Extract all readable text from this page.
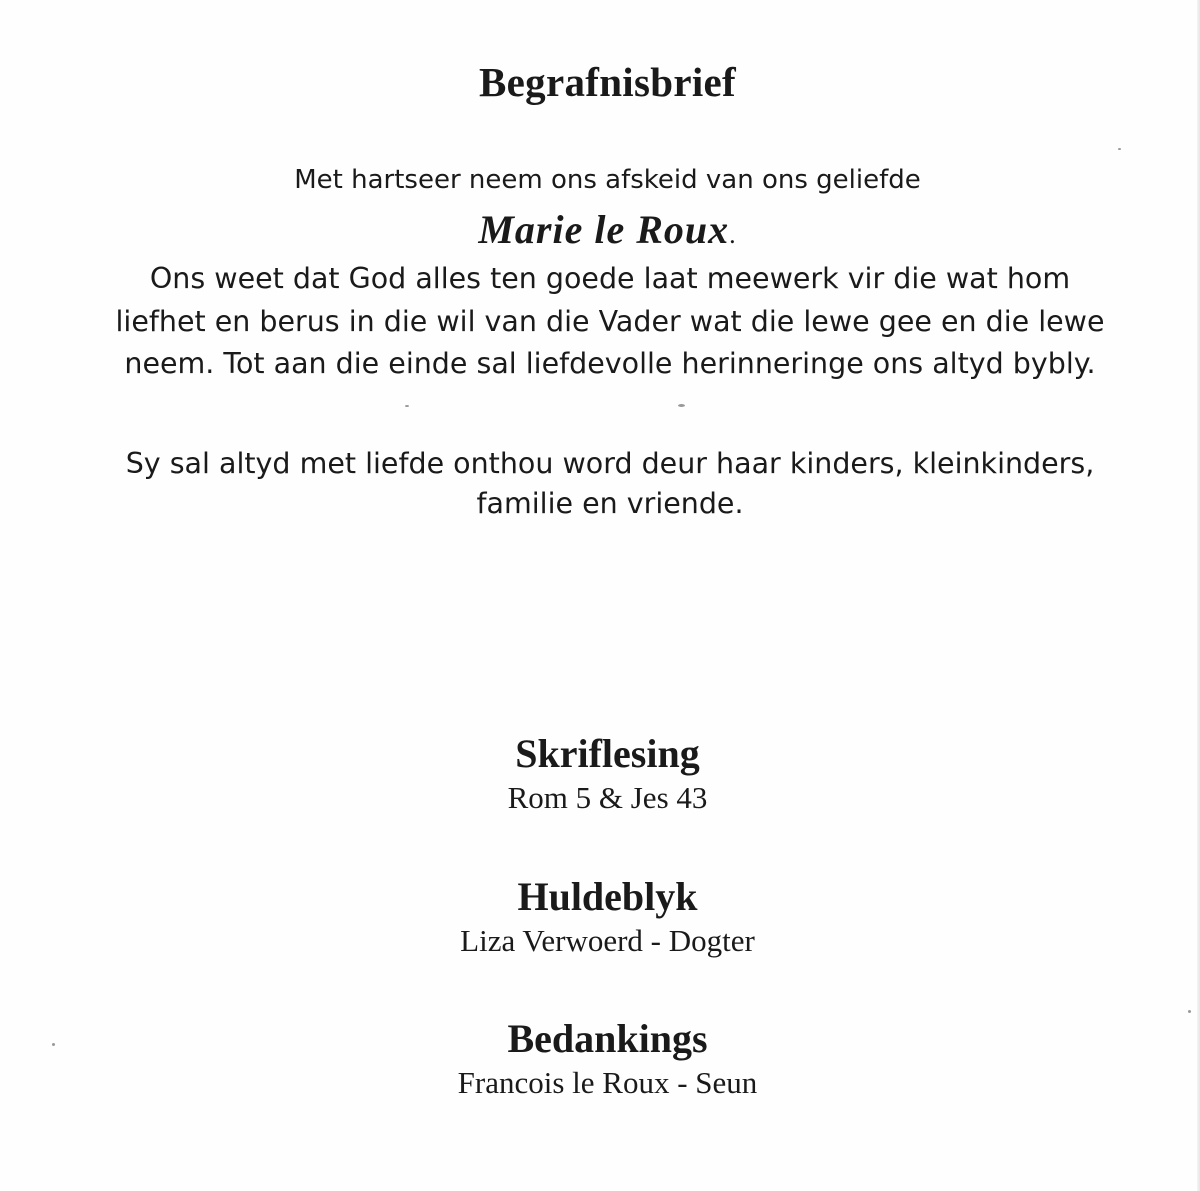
Begrafnisbrief
Met hartseer neem ons afskeid van ons geliefde
Marie le Roux.
Ons weet dat God alles ten goede laat meewerk vir die wat hom
liefhet en berus in die wil van die Vader wat die lewe gee en die lewe
neem. Tot aan die einde sal liefdevolle herinneringe ons altyd bybly.
Sy sal altyd met liefde onthou word deur haar kinders, kleinkinders,
familie en vriende.
Skriflesing
Rom 5 & Jes 43
Huldeblyk
Liza Verwoerd - Dogter
Bedankings
Francois le Roux - Seun
